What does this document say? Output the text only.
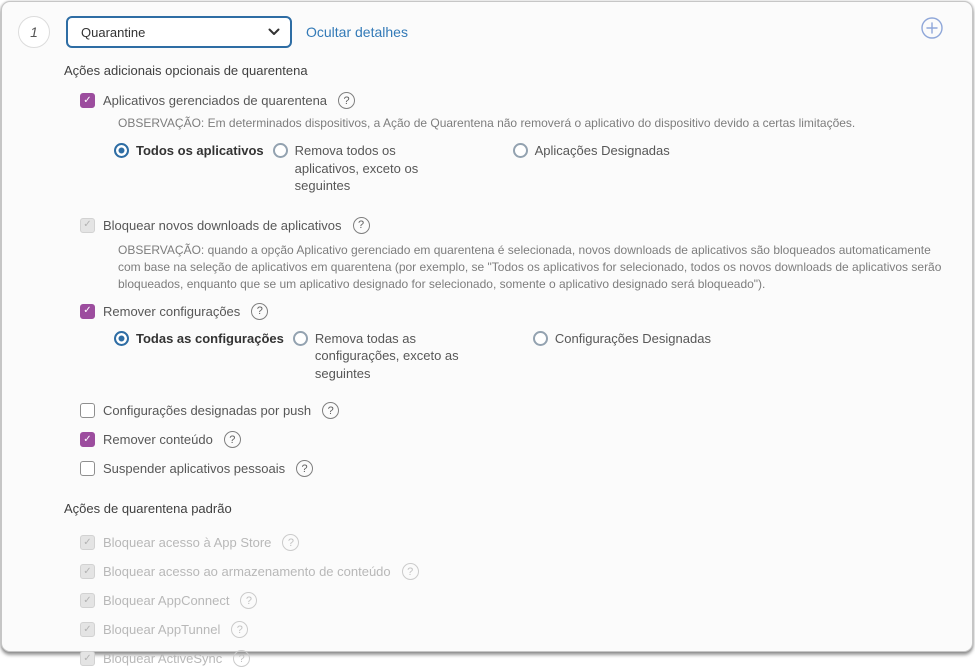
1	Quarantine	Ocultar detalhes
Ações adicionais opcionais de quarentena
✓ Aplicativos gerenciados de quarentena	?
OBSERVAÇÃO: Em determinados dispositivos, a Ação de Quarentena não removerá o aplicativo do dispositivo devido a certas limitações.
Todos os aplicativos Remova todos os aplicativos, exceto os seguintes
Aplicações Designadas
✓ Bloquear novos downloads de aplicativos	?
OBSERVAÇÃO: quando a opção Aplicativo gerenciado em quarentena é selecionada, novos downloads de aplicativos são bloqueados automaticamente com base na seleção de aplicativos em quarentena (por exemplo, se "Todos os aplicativos for selecionado, todos os novos downloads de aplicativos serão bloqueados, enquanto que se um aplicativo designado for selecionado, somente o aplicativo designado será bloqueado").
✓ Remover configurações	?
Todas as configurações Remova todas as configurações, exceto as seguintes
Configurações Designadas
Configurações designadas por push	?
✓ Remover conteúdo	?
Suspender aplicativos pessoais	?
Ações de quarentena padrão
✓ Bloquear acesso à App Store	?
✓ Bloquear acesso ao armazenamento de conteúdo	?
✓ Bloquear AppConnect	?
✓ Bloquear AppTunnel	?
✓ Bloquear ActiveSync	?
